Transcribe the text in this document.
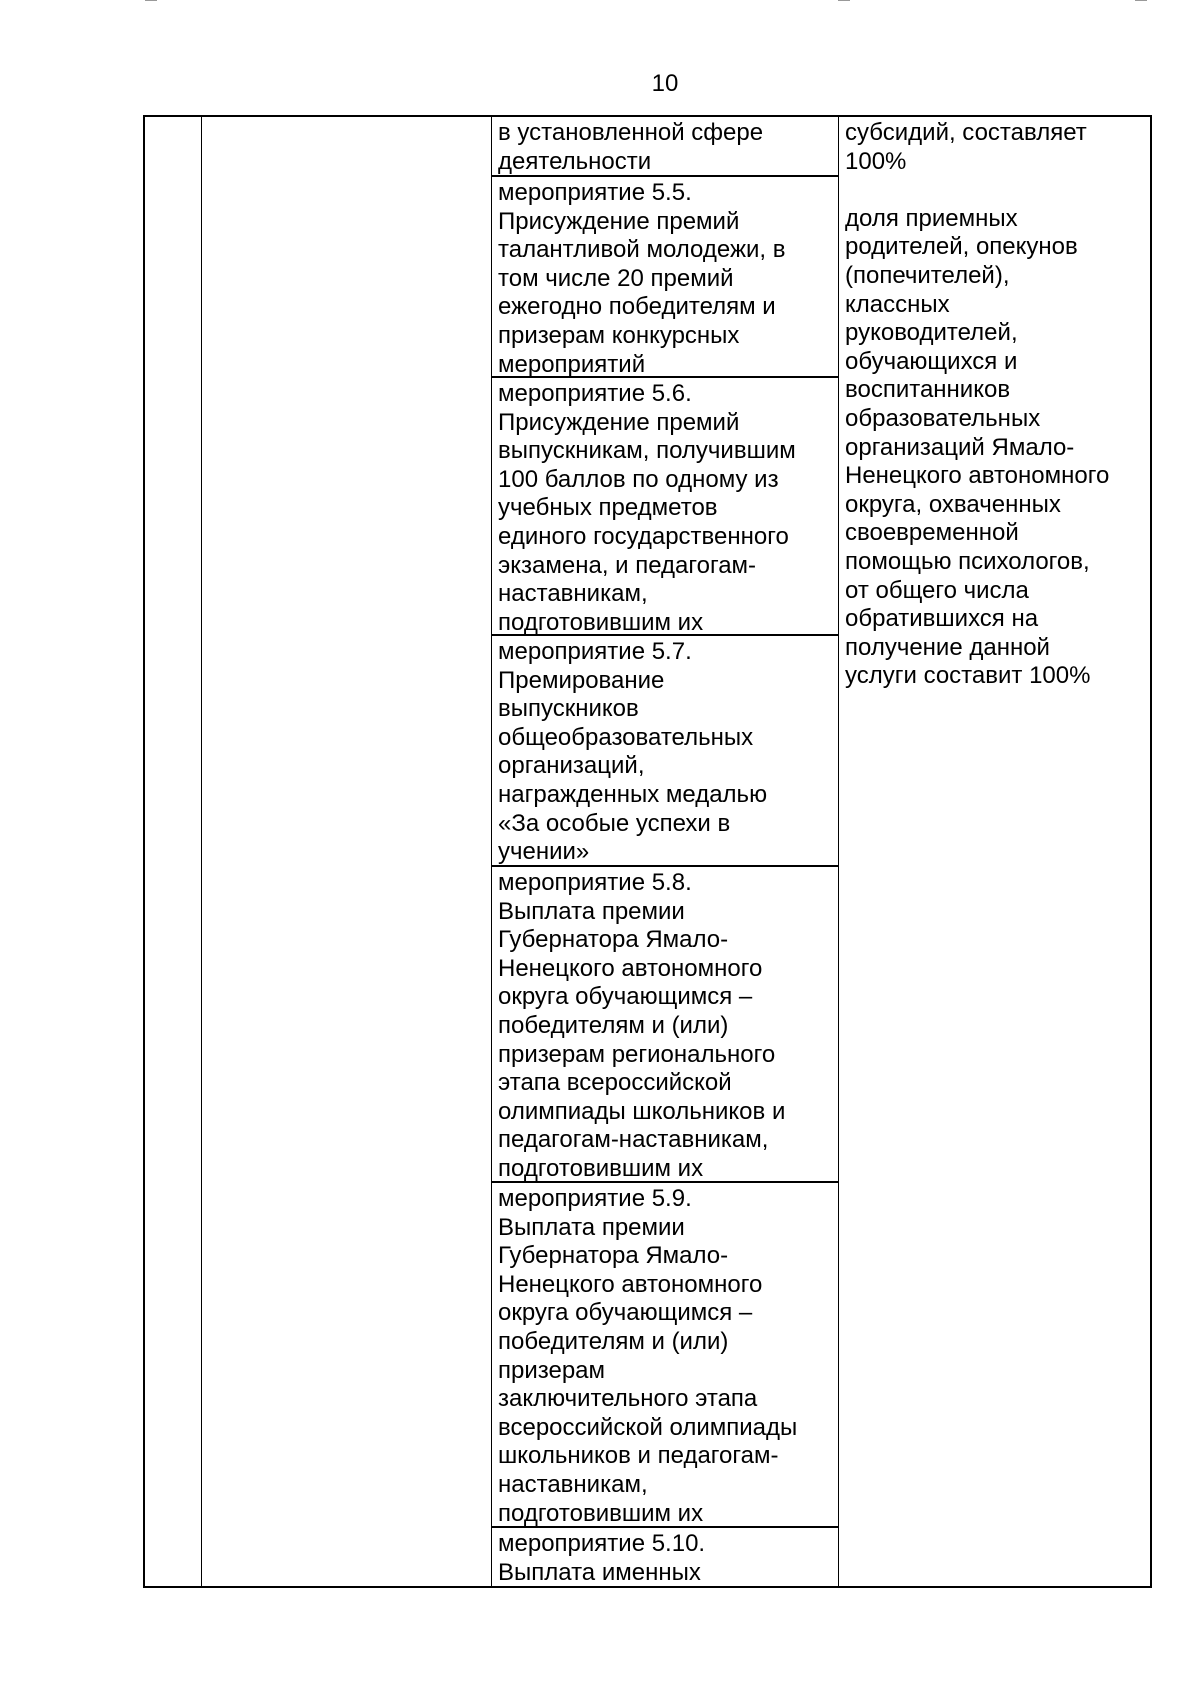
10
в установленной сфере
деятельности
мероприятие 5.5.
Присуждение премий
талантливой молодежи, в
том числе 20 премий
ежегодно победителям и
призерам конкурсных
мероприятий
мероприятие 5.6.
Присуждение премий
выпускникам, получившим
100 баллов по одному из
учебных предметов
единого государственного
экзамена, и педагогам-
наставникам,
подготовившим их
мероприятие 5.7.
Премирование
выпускников
общеобразовательных
организаций,
награжденных медалью
«За особые успехи в
учении»
мероприятие 5.8.
Выплата премии
Губернатора Ямало-
Ненецкого автономного
округа обучающимся –
победителям и (или)
призерам регионального
этапа всероссийской
олимпиады школьников и
педагогам-наставникам,
подготовившим их
мероприятие 5.9.
Выплата премии
Губернатора Ямало-
Ненецкого автономного
округа обучающимся –
победителям и (или)
призерам
заключительного этапа
всероссийской олимпиады
школьников и педагогам-
наставникам,
подготовившим их
мероприятие 5.10.
Выплата именных
субсидий, составляет
100%
доля приемных
родителей, опекунов
(попечителей),
классных
руководителей,
обучающихся и
воспитанников
образовательных
организаций Ямало-
Ненецкого автономного
округа, охваченных
своевременной
помощью психологов,
от общего числа
обратившихся на
получение данной
услуги составит 100%
